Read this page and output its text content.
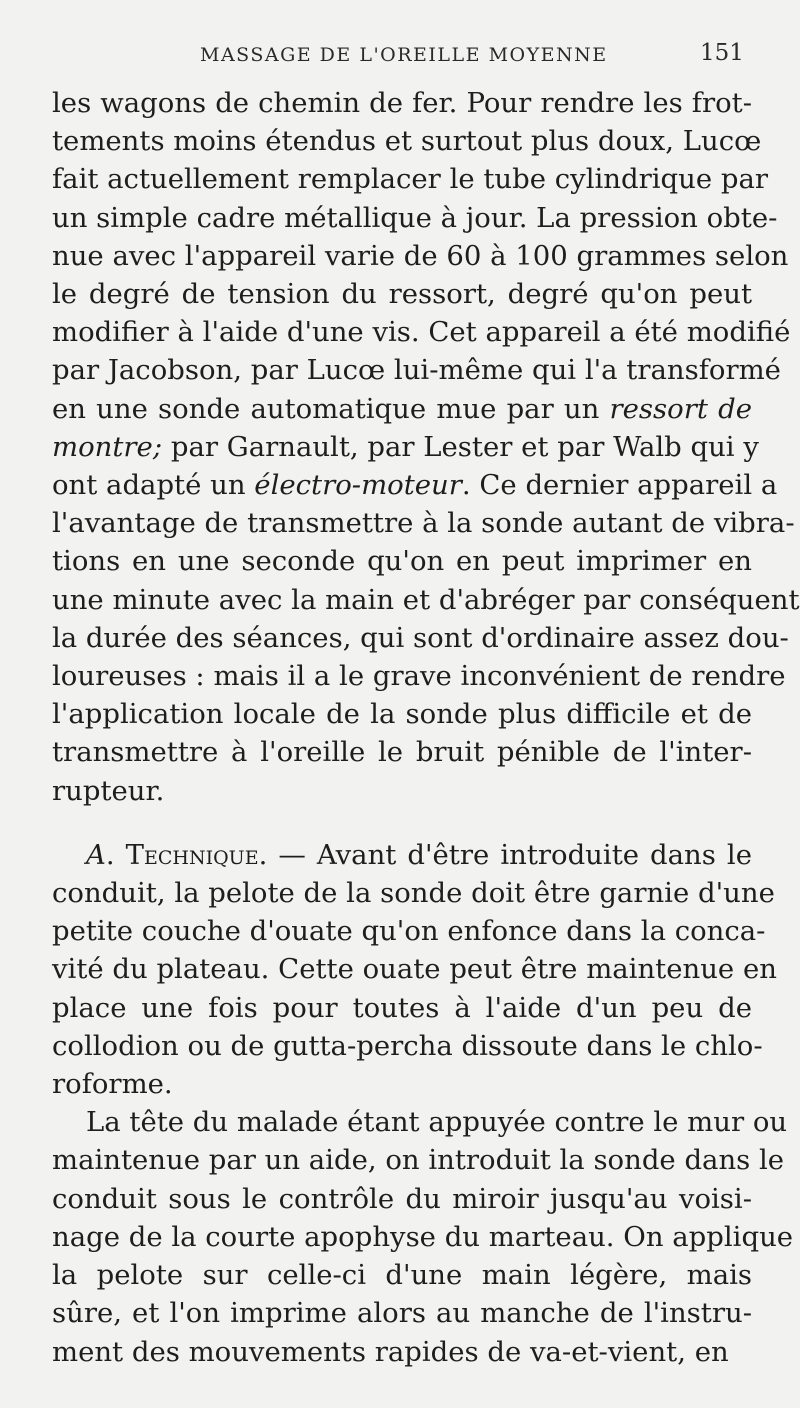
MASSAGE DE L'OREILLE MOYENNE	151
les wagons de chemin de fer. Pour rendre les frot-
tements moins étendus et surtout plus doux, Lucœ
fait actuellement remplacer le tube cylindrique par
un simple cadre métallique à jour. La pression obte-
nue avec l'appareil varie de 60 à 100 grammes selon
le degré de tension du ressort, degré qu'on peut
modifier à l'aide d'une vis. Cet appareil a été modifié
par Jacobson, par Lucœ lui-même qui l'a transformé
en une sonde automatique mue par un ressort de
montre; par Garnault, par Lester et par Walb qui y
ont adapté un électro-moteur. Ce dernier appareil a
l'avantage de transmettre à la sonde autant de vibra-
tions en une seconde qu'on en peut imprimer en
une minute avec la main et d'abréger par conséquent
la durée des séances, qui sont d'ordinaire assez dou-
loureuses : mais il a le grave inconvénient de rendre
l'application locale de la sonde plus difficile et de
transmettre à l'oreille le bruit pénible de l'inter-
rupteur.
A. Technique. — Avant d'être introduite dans le
conduit, la pelote de la sonde doit être garnie d'une
petite couche d'ouate qu'on enfonce dans la conca-
vité du plateau. Cette ouate peut être maintenue en
place une fois pour toutes à l'aide d'un peu de
collodion ou de gutta-percha dissoute dans le chlo-
roforme.
La tête du malade étant appuyée contre le mur ou
maintenue par un aide, on introduit la sonde dans le
conduit sous le contrôle du miroir jusqu'au voisi-
nage de la courte apophyse du marteau. On applique
la pelote sur celle-ci d'une main légère, mais
sûre, et l'on imprime alors au manche de l'instru-
ment des mouvements rapides de va-et-vient, en
